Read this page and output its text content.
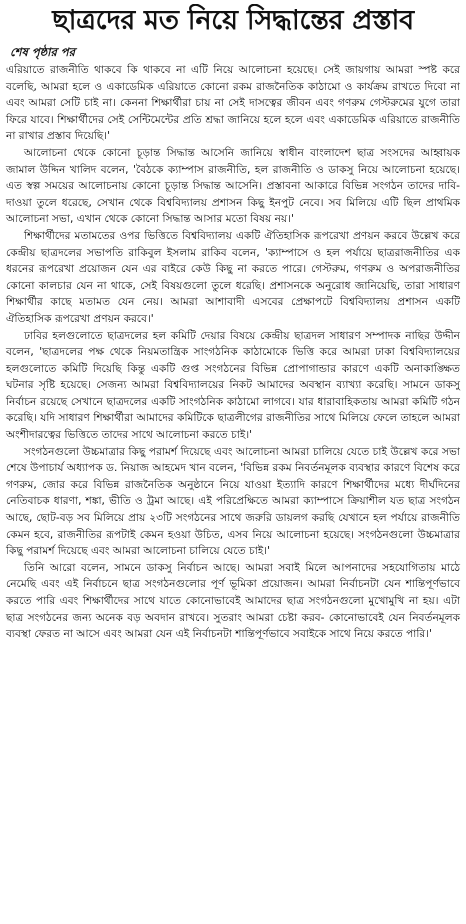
ছাত্রদের মত নিয়ে সিদ্ধান্তের প্রস্তাব
শেষ পৃষ্ঠার পর

এরিয়াতে রাজনীতি থাকবে কি থাকবে না এটি নিয়ে আলোচনা হয়েছে। সেই জায়গায় আমরা স্পষ্ট করে বলেছি, আমরা হলে ও একাডেমিক এরিয়াতে কোনো রকম রাজনৈতিক কাঠামো ও কার্যক্রম রাখতে দিবো না এবং আমরা সেটি চাই না। কেননা শিক্ষার্থীরা চায় না সেই দাসত্বের জীবন এবং গণরুম গেস্টরুমের যুগে তারা ফিরে যাবে। শিক্ষার্থীদের সেই সেন্টিমেন্টের প্রতি শ্রদ্ধা জানিয়ে হলে হলে এবং একাডেমিক এরিয়াতে রাজনীতি না রাখার প্রস্তাব দিয়েছি।'

আলোচনা থেকে কোনো চূড়ান্ত সিদ্ধান্ত আসেনি জানিয়ে স্বাধীন বাংলাদেশ ছাত্র সংসদের আহ্বায়ক জামাল উদ্দিন খালিদ বলেন, 'বৈঠকে ক্যাম্পাস রাজনীতি, হল রাজনীতি ও ডাকসু নিয়ে আলোচনা হয়েছে। এত স্বল্প সময়ের আলোচনায় কোনো চূড়ান্ত সিদ্ধান্ত আসেনি। প্রস্তাবনা আকারে বিভিন্ন সংগঠন তাদের দাবি-দাওয়া তুলে ধরেছে, সেখান থেকে বিশ্ববিদ্যালয় প্রশাসন কিছু ইনপুট নেবে। সব মিলিয়ে এটি ছিল প্রাথমিক আলোচনা সভা, এখান থেকে কোনো সিদ্ধান্ত আসার মতো বিষয় নয়।'

শিক্ষার্থীদের মতামতের ওপর ভিত্তিতে বিশ্ববিদ্যালয় একটি ঐতিহাসিক রূপরেখা প্রণয়ন করবে উল্লেখ করে কেন্দ্রীয় ছাত্রদলের সভাপতি রাকিবুল ইসলাম রাকিব বলেন, 'ক্যাম্পাসে ও হল পর্যায়ে ছাত্ররাজনীতির এক ধরনের রূপরেখা প্রয়োজন যেন এর বাইরে কেউ কিছু না করতে পারে। গেস্টরুম, গণরুম ও অপরাজনীতির কোনো কালচার যেন না থাকে, সেই বিষয়গুলো তুলে ধরেছি। প্রশাসনকে অনুরোধ জানিয়েছি, তারা সাধারণ শিক্ষার্থীর কাছে মতামত যেন নেয়। আমরা আশাবাদী এসবের প্রেক্ষাপটে বিশ্ববিদ্যালয় প্রশাসন একটি ঐতিহাসিক রূপরেখা প্রণয়ন করবে।'

ঢাবির হলগুলোতে ছাত্রদলের হল কমিটি দেয়ার বিষয়ে কেন্দ্রীয় ছাত্রদল সাধারণ সম্পাদক নাছির উদ্দীন বলেন, 'ছাত্রদলের পক্ষ থেকে নিয়মতান্ত্রিক সাংগঠনিক কাঠামোকে ভিত্তি করে আমরা ঢাকা বিশ্ববিদ্যালয়ের হলগুলোতে কমিটি দিয়েছি কিন্তু একটি গুপ্ত সংগঠনের বিভিন্ন প্রোপাগান্ডার কারণে একটি অনাকাঙ্ক্ষিত ঘটনার সৃষ্টি হয়েছে। সেজন্য আমরা বিশ্ববিদ্যালয়ের নিকট আমাদের অবস্থান ব্যাখ্যা করেছি। সামনে ডাকসু নির্বাচন রয়েছে সেখানে ছাত্রদলের একটি সাংগঠনিক কাঠামো লাগবে। যার ধারাবাহিকতায় আমরা কমিটি গঠন করেছি। যদি সাধারণ শিক্ষার্থীরা আমাদের কমিটিকে ছাত্রলীগের রাজনীতির সাথে মিলিয়ে ফেলে তাহলে আমরা অংশীদারত্বের ভিত্তিতে তাদের সাথে আলোচনা করতে চাই।'

সংগঠনগুলো উচ্চমাত্রার কিছু পরামর্শ দিয়েছে এবং আলোচনা আমরা চালিয়ে যেতে চাই উল্লেখ করে সভা শেষে উপাচার্য অধ্যাপক ড. নিয়াজ আহমেদ খান বলেন, 'বিভিন্ন রকম নিবর্তনমূলক ব্যবস্থার কারণে বিশেষ করে গণরুম, জোর করে বিভিন্ন রাজনৈতিক অনুষ্ঠানে নিয়ে যাওয়া ইত্যাদি কারণে শিক্ষার্থীদের মধ্যে দীর্ঘদিনের নেতিবাচক ধারণা, শঙ্কা, ভীতি ও ট্রমা আছে। এই পরিপ্রেক্ষিতে আমরা ক্যাম্পাসে ক্রিয়াশীল যত ছাত্র সংগঠন আছে, ছোট-বড় সব মিলিয়ে প্রায় ২৩টি সংগঠনের সাথে জরুরি ডায়লগ করছি যেখানে হল পর্যায়ে রাজনীতি কেমন হবে, রাজনীতির রূপটাই কেমন হওয়া উচিত, এসব নিয়ে আলোচনা হয়েছে। সংগঠনগুলো উচ্চমাত্রার কিছু পরামর্শ দিয়েছে এবং আমরা আলোচনা চালিয়ে যেতে চাই।'

তিনি আরো বলেন, সামনে ডাকসু নির্বাচন আছে। আমরা সবাই মিলে আপনাদের সহযোগিতায় মাঠে নেমেছি এবং এই নির্বাচনে ছাত্র সংগঠনগুলোর পূর্ণ ভূমিকা প্রয়োজন। আমরা নির্বাচনটা যেন শান্তিপূর্ণভাবে করতে পারি এবং শিক্ষার্থীদের সাথে যাতে কোনোভাবেই আমাদের ছাত্র সংগঠনগুলো মুখোমুখি না হয়। এটা ছাত্র সংগঠনের জন্য অনেক বড় অবদান রাখবে। সুতরাং আমরা চেষ্টা করব- কোনোভাবেই যেন নিবর্তনমূলক ব্যবস্থা ফেরত না আসে এবং আমরা যেন এই নির্বাচনটা শান্তিপূর্ণভাবে সবাইকে সাথে নিয়ে করতে পারি।'
